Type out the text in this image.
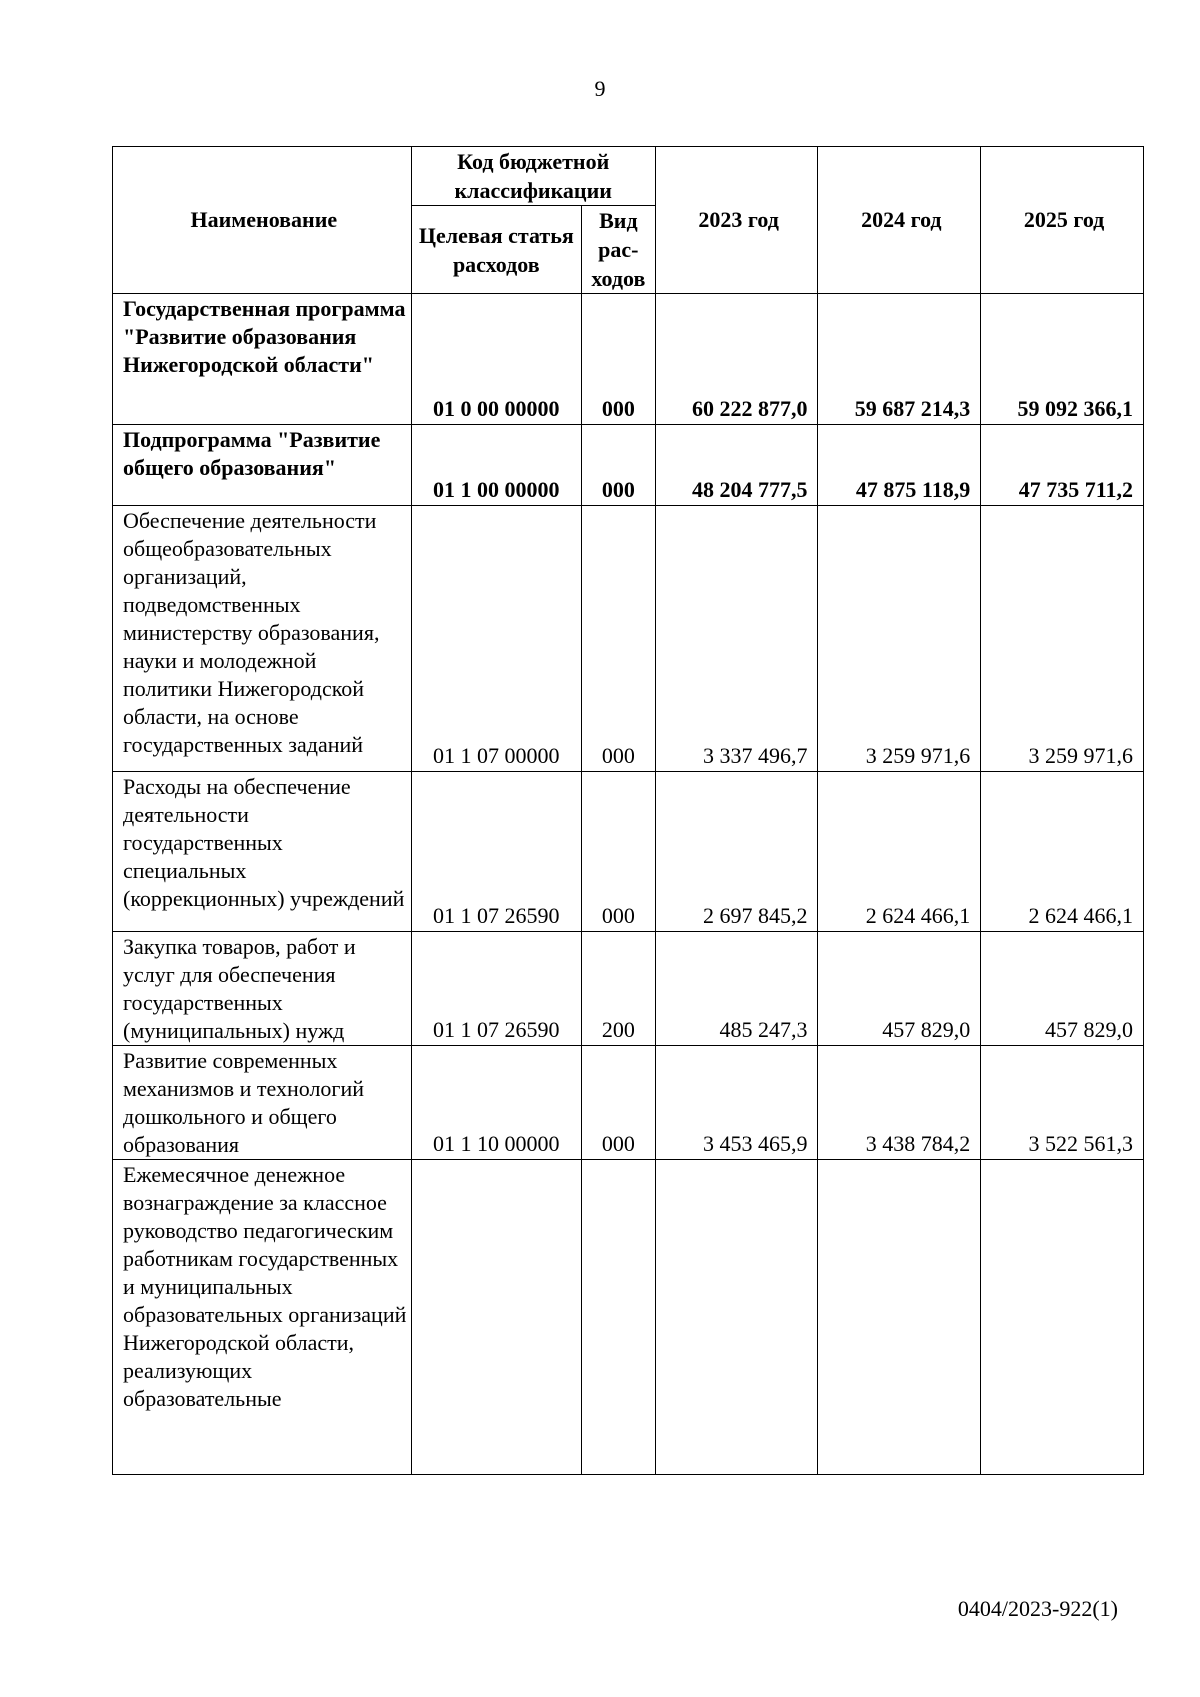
9
Наименование	Код бюджетной классификации		2023 год	2024 год	2025 год
	Целевая статья расходов	Вид рас-ходов			
Государственная программа "Развитие образования Нижегородской области"	01 0 00 00000	000	60 222 877,0	59 687 214,3	59 092 366,1
Подпрограмма "Развитие общего образования"	01 1 00 00000	000	48 204 777,5	47 875 118,9	47 735 711,2
Обеспечение деятельности общеобразовательных организаций, подведомственных министерству образования, науки и молодежной политики Нижегородской области, на основе государственных заданий	01 1 07 00000	000	3 337 496,7	3 259 971,6	3 259 971,6
Расходы на обеспечение деятельности государственных специальных (коррекционных) учреждений	01 1 07 26590	000	2 697 845,2	2 624 466,1	2 624 466,1
Закупка товаров, работ и услуг для обеспечения государственных (муниципальных) нужд	01 1 07 26590	200	485 247,3	457 829,0	457 829,0
Развитие современных механизмов и технологий дошкольного и общего образования	01 1 10 00000	000	3 453 465,9	3 438 784,2	3 522 561,3
Ежемесячное денежное вознаграждение за классное руководство педагогическим работникам государственных и муниципальных образовательных организаций Нижегородской области, реализующих образовательные					
0404/2023-922(1)
